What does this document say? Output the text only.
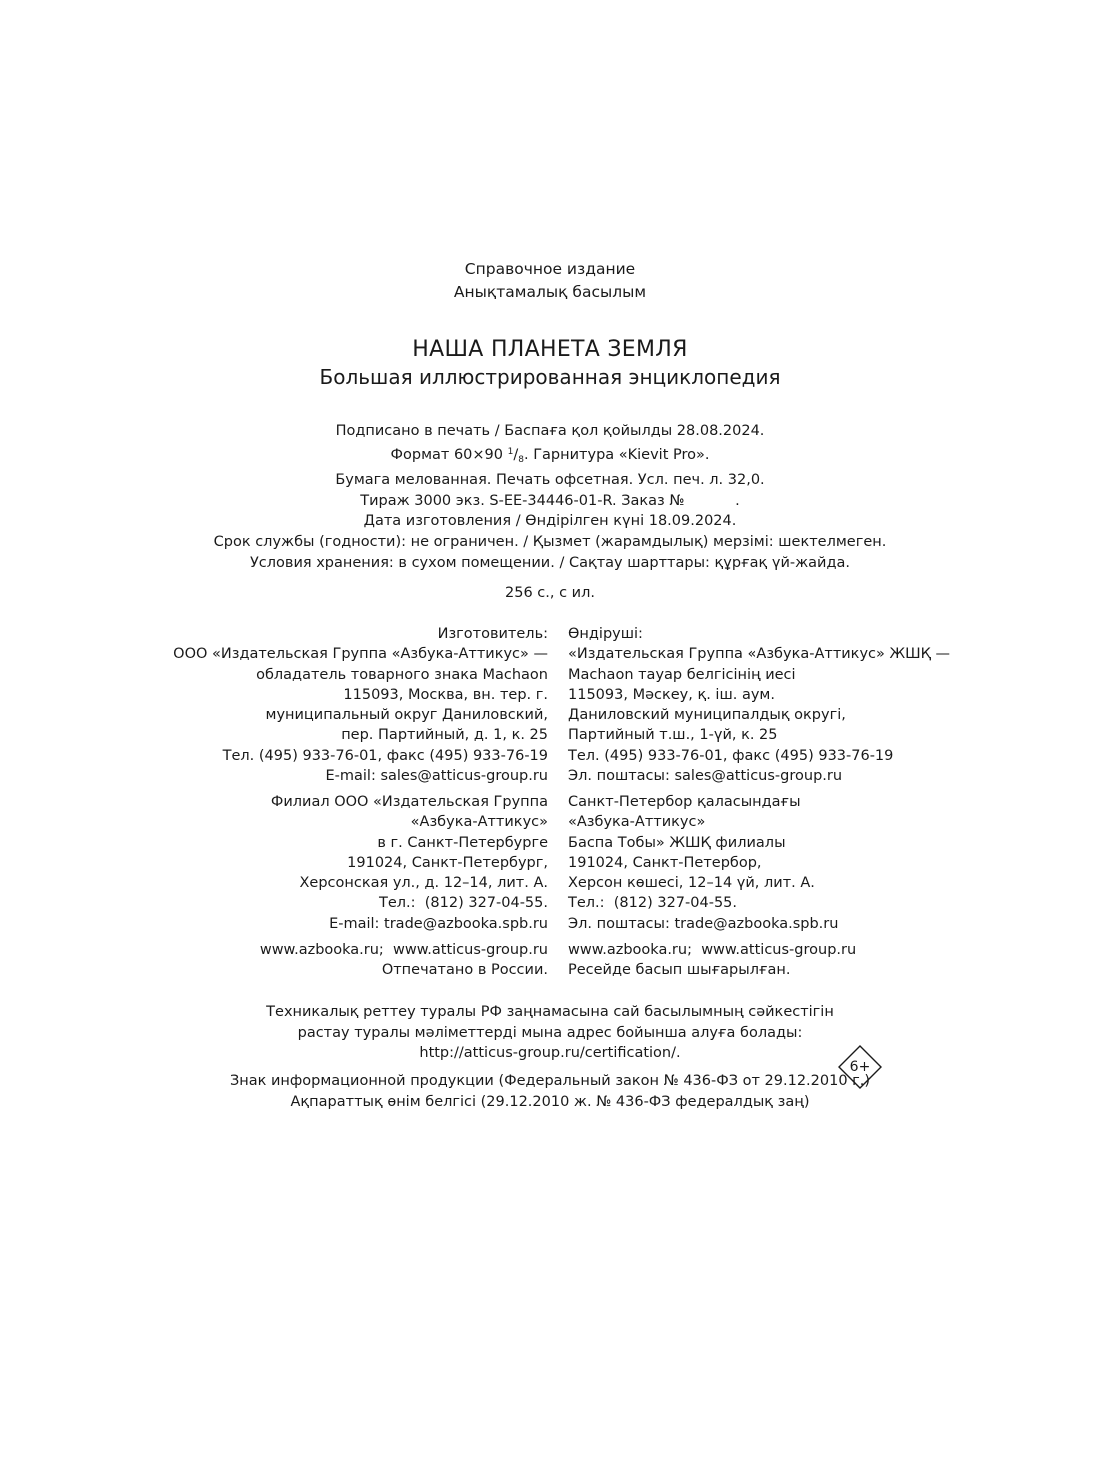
Справочное издание
Анықтамалық басылым
НАША ПЛАНЕТА ЗЕМЛЯ
Большая иллюстрированная энциклопедия
Подписано в печать / Баспаға қол қойылды 28.08.2024.
Формат 60×90 $^1/_8$. Гарнитура «Kievit Pro».
Бумага мелованная. Печать офсетная. Усл. печ. л. 32,0.
Тираж 3000 экз. S-EE-34446-01-R. Заказ №           .
Дата изготовления / Өндірілген күні 18.09.2024.
Срок службы (годности): не ограничен. / Қызмет (жарамдылық) мерзімі: шектелмеген.
Условия хранения: в сухом помещении. / Сақтау шарттары: құрғақ үй-жайда.
256 с., с ил.
Изготовитель:
ООО «Издательская Группа «Азбука-Аттикус» —
обладатель товарного знака Machaon
115093, Москва, вн. тер. г.
муниципальный округ Даниловский,
пер. Партийный, д. 1, к. 25
Тел. (495) 933-76-01, факс (495) 933-76-19
E-mail: sales@atticus-group.ru
Өндіруші:
«Издательская Группа «Азбука-Аттикус» ЖШҚ —
Machaon тауар белгісінің иесі
115093, Мәскеу, қ. іш. аум.
Даниловский муниципалдық округі,
Партийный т.ш., 1-үй, к. 25
Тел. (495) 933-76-01, факс (495) 933-76-19
Эл. поштасы: sales@atticus-group.ru
Филиал ООО «Издательская Группа
«Азбука-Аттикус»
в г. Санкт-Петербурге
191024, Санкт-Петербург,
Херсонская ул., д. 12–14, лит. А.
Тел.:  (812) 327-04-55.
E-mail: trade@azbooka.spb.ru
Санкт-Петербор қаласындағы
«Азбука-Аттикус»
Баспа Тобы» ЖШҚ филиалы
191024, Санкт-Петербор,
Херсон көшесі, 12–14 үй, лит. А.
Тел.:  (812) 327-04-55.
Эл. поштасы: trade@azbooka.spb.ru
www.azbooka.ru;  www.atticus-group.ru
Отпечатано в России.
www.azbooka.ru;  www.atticus-group.ru
Ресейде басып шығарылған.
Техникалық реттеу туралы РФ заңнамасына сай басылымның сәйкестігін
растау туралы мәліметтерді мына адрес бойынша алуға болады:
http://atticus-group.ru/certification/.
6+
Знак информационной продукции (Федеральный закон № 436-ФЗ от 29.12.2010 г.)
Ақпараттық өнім белгісі (29.12.2010 ж. № 436-ФЗ федералдық заң)
